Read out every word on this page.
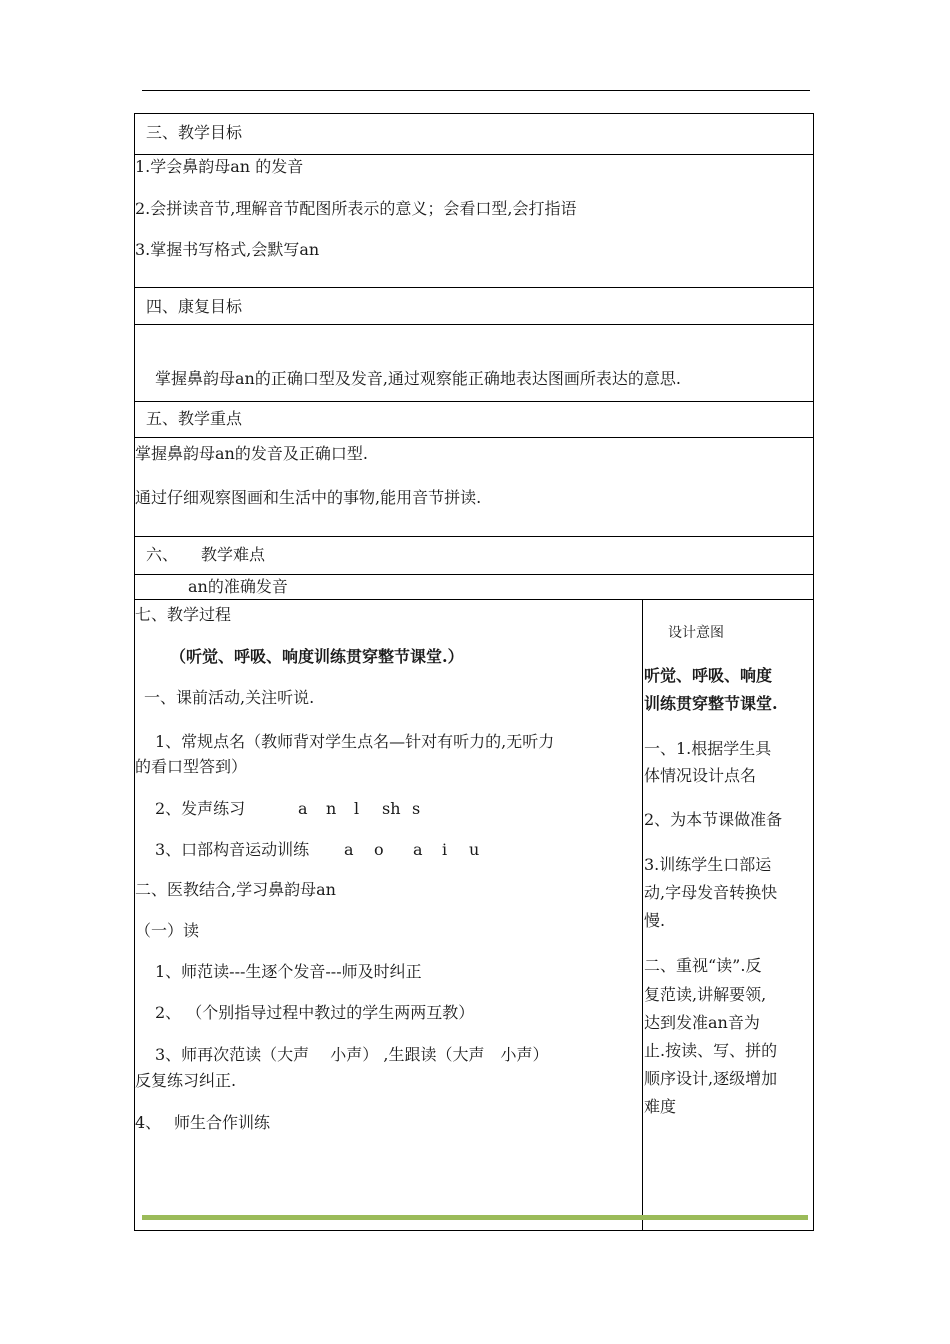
三、教学目标
1.学会鼻韵母an 的发音
2.会拼读音节,理解音节配图所表示的意义；会看口型,会打指语
3.掌握书写格式,会默写an
四、康复目标
掌握鼻韵母an的正确口型及发音,通过观察能正确地表达图画所表达的意思.
五、教学重点
掌握鼻韵母an的发音及正确口型.
通过仔细观察图画和生活中的事物,能用音节拼读.
六、 教学难点
an的准确发音
七、教学过程
（听觉、呼吸、响度训练贯穿整节课堂.）
一、课前活动,关注听说.
1、常规点名（教师背对学生点名—针对有听力的,无听力
的看口型答到）
2、发声练习	a n l sh s
3、口部构音运动训练 a o a i u
二、医教结合,学习鼻韵母an
（一）读
1、师范读---生逐个发音---师及时纠正
2、 （个别指导过程中教过的学生两两互教）
3、师再次范读（大声　 小声） ,生跟读（大声　小声）
反复练习纠正.
4、 师生合作训练
设计意图
听觉、呼吸、响度
训练贯穿整节课堂.
一、1.根据学生具
体情况设计点名
2、为本节课做准备
3.训练学生口部运
动,字母发音转换快
慢.
二、重视“读”.反
复范读,讲解要领,
达到发准an音为
止.按读、写、拼的
顺序设计,逐级增加
难度
